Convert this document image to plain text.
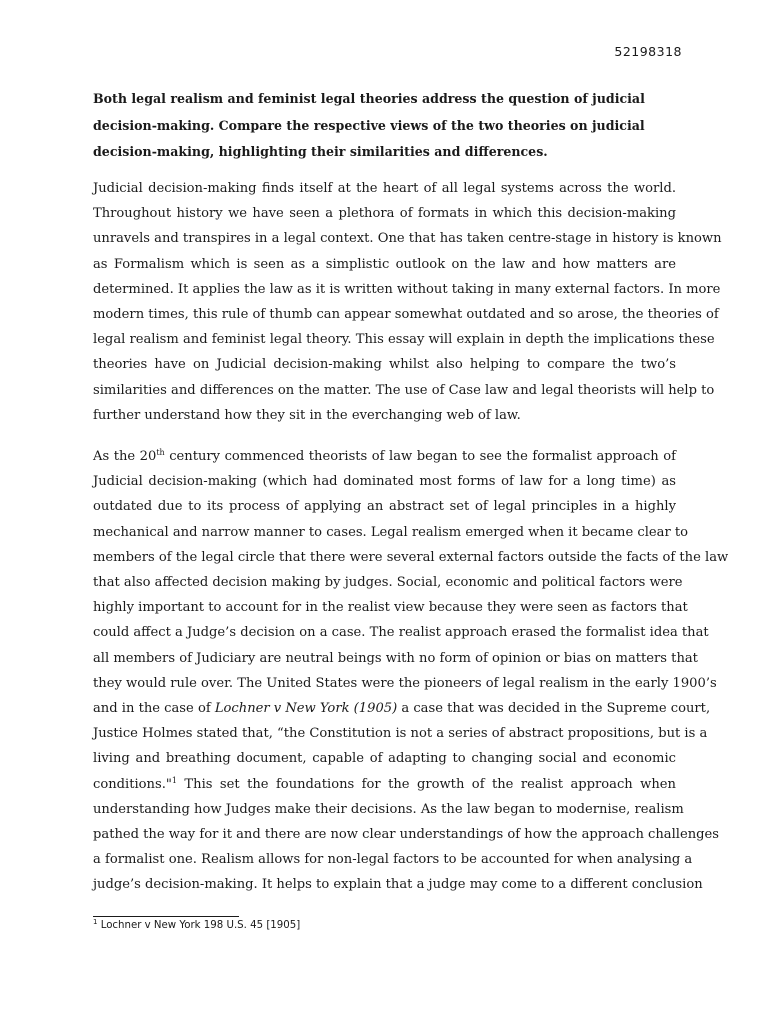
52198318

Both legal realism and feminist legal theories address the question of judicial decision-making. Compare the respective views of the two theories on judicial decision-making, highlighting their similarities and differences.

Judicial decision-making finds itself at the heart of all legal systems across the world.
Throughout history we have seen a plethora of formats in which this decision-making
unravels and transpires in a legal context. One that has taken centre-stage in history is known
as Formalism which is seen as a simplistic outlook on the law and how matters are
determined. It applies the law as it is written without taking in many external factors. In more
modern times, this rule of thumb can appear somewhat outdated and so arose, the theories of
legal realism and feminist legal theory. This essay will explain in depth the implications these
theories have on Judicial decision-making whilst also helping to compare the two’s
similarities and differences on the matter. The use of Case law and legal theorists will help to
further understand how they sit in the everchanging web of law.
As the 20th century commenced theorists of law began to see the formalist approach of
Judicial decision-making (which had dominated most forms of law for a long time) as
outdated due to its process of applying an abstract set of legal principles in a highly
mechanical and narrow manner to cases. Legal realism emerged when it became clear to
members of the legal circle that there were several external factors outside the facts of the law
that also affected decision making by judges. Social, economic and political factors were
highly important to account for in the realist view because they were seen as factors that
could affect a Judge’s decision on a case. The realist approach erased the formalist idea that
all members of Judiciary are neutral beings with no form of opinion or bias on matters that
they would rule over. The United States were the pioneers of legal realism in the early 1900’s
and in the case of Lochner v New York (1905) a case that was decided in the Supreme court,
Justice Holmes stated that, “the Constitution is not a series of abstract propositions, but is a
living and breathing document, capable of adapting to changing social and economic
conditions."$^1$ This set the foundations for the growth of the realist approach when
understanding how Judges make their decisions. As the law began to modernise, realism
pathed the way for it and there are now clear understandings of how the approach challenges
a formalist one. Realism allows for non-legal factors to be accounted for when analysing a
judge’s decision-making. It helps to explain that a judge may come to a different conclusion
$^1$ Lochner v New York 198 U.S. 45 [1905]
